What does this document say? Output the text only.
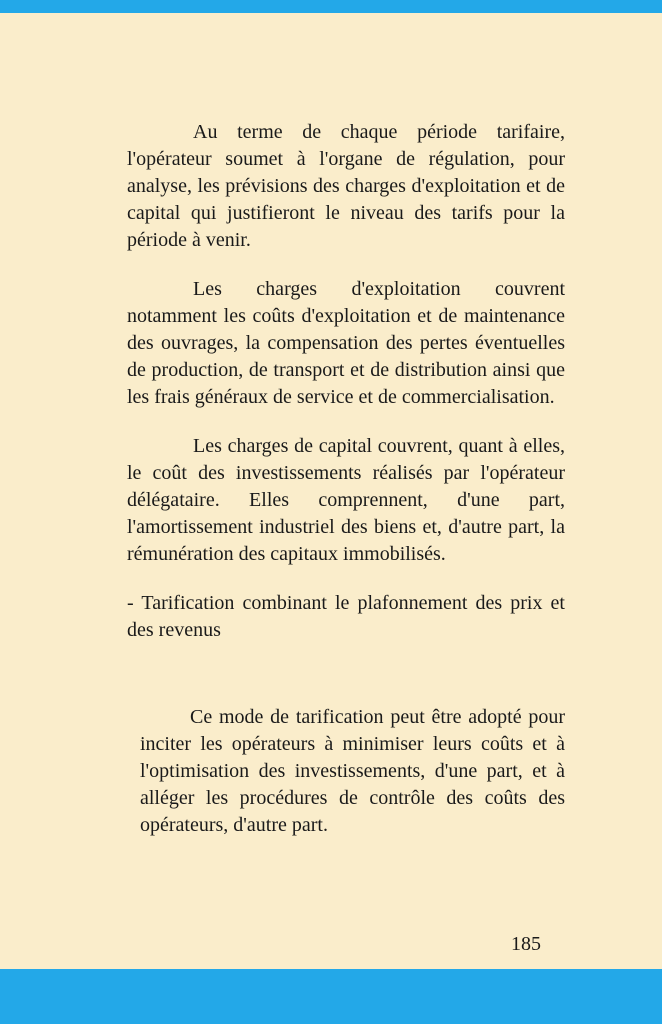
Au terme de chaque période tarifaire, l'opérateur soumet à l'organe de régulation, pour analyse, les prévisions des charges d'exploitation et de capital qui justifieront le niveau des tarifs pour la période à venir.

Les charges d'exploitation couvrent notamment les coûts d'exploitation et de maintenance des ouvrages, la compensation des pertes éventuelles de production, de transport et de distribution ainsi que les frais généraux de service et de commercialisation.

Les charges de capital couvrent, quant à elles, le coût des investissements réalisés par l'opérateur délégataire. Elles comprennent, d'une part, l'amortissement industriel des biens et, d'autre part, la rémunération des capitaux immobilisés.

- Tarification combinant le plafonnement des prix et des revenus

Ce mode de tarification peut être adopté pour inciter les opérateurs à minimiser leurs coûts et à l'optimisation des investissements, d'une part, et à alléger les procédures de contrôle des coûts des opérateurs, d'autre part.

185
